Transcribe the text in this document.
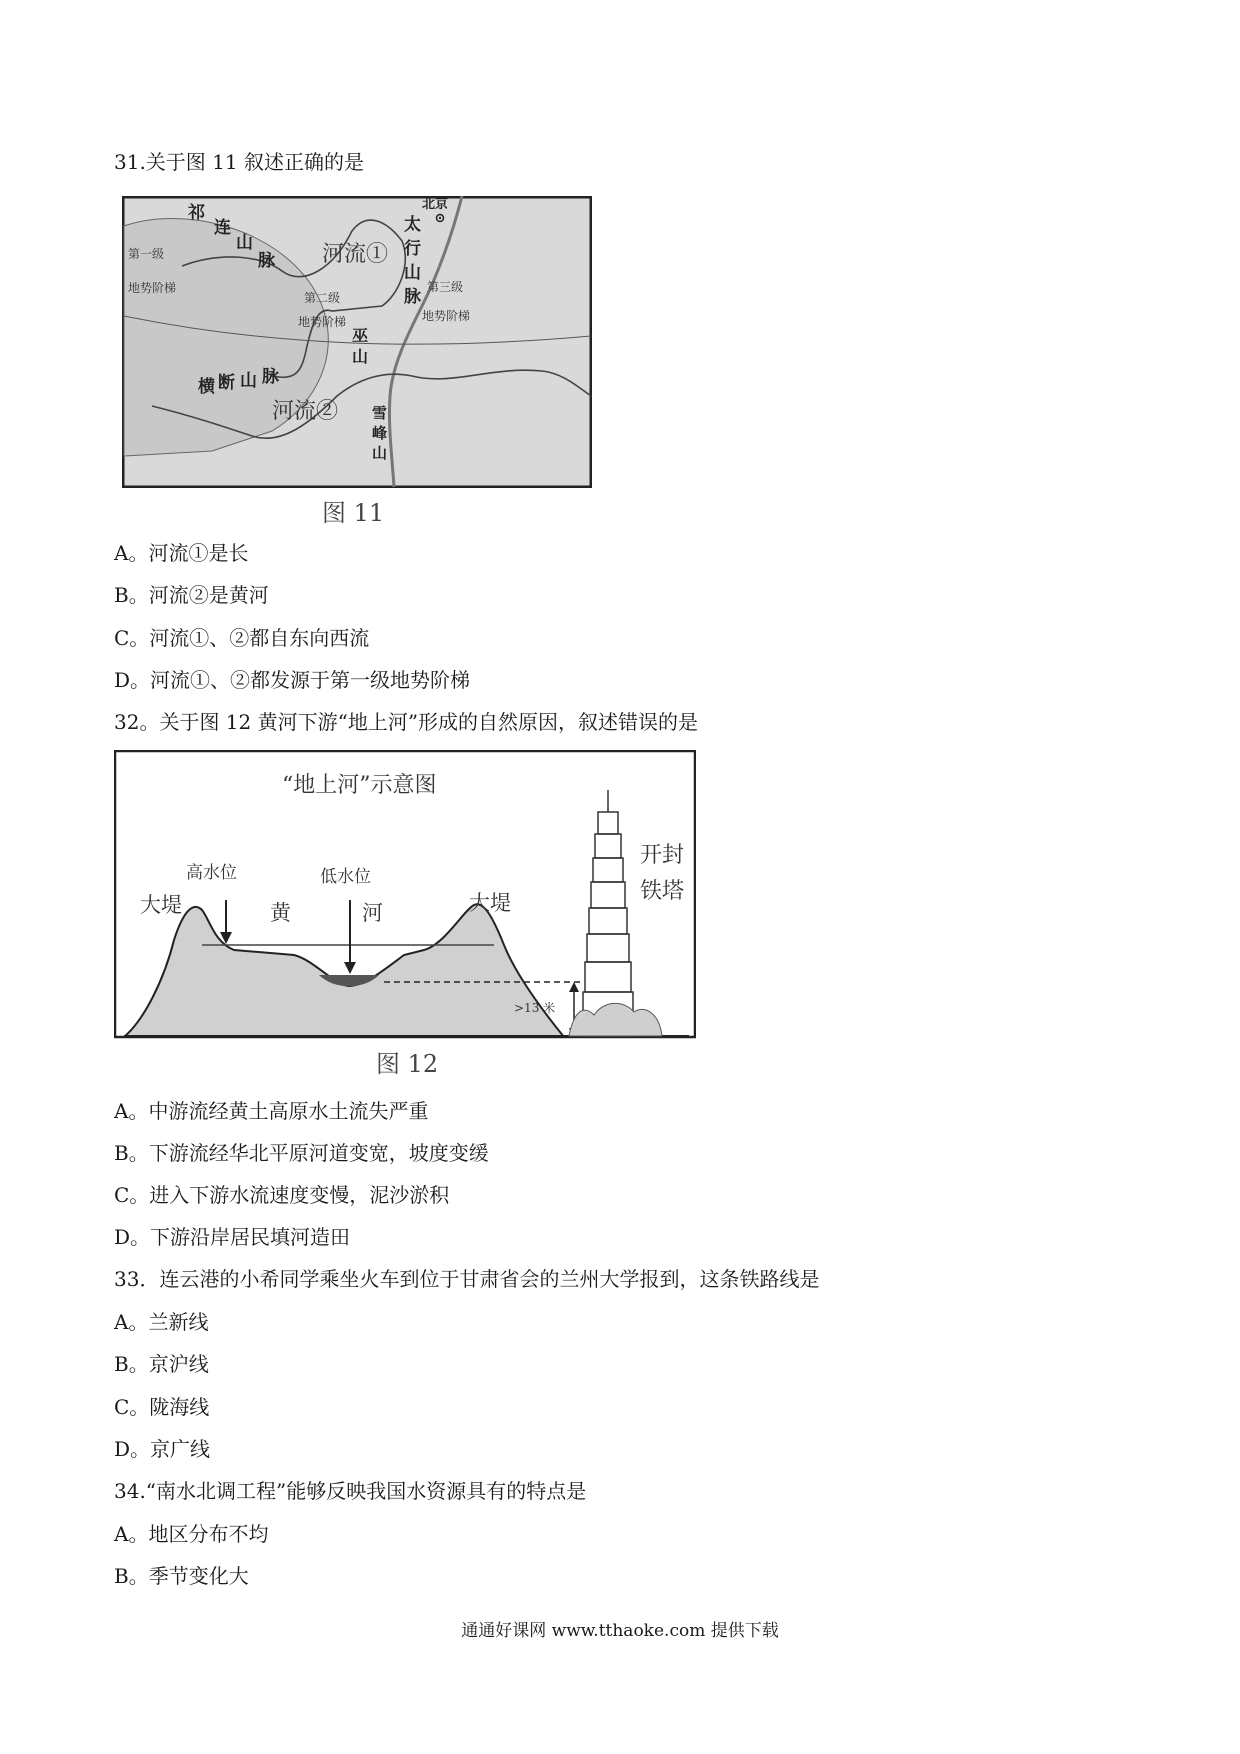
31.关于图 11 叙述正确的是
祁
连
山
脉
北京
太
行
山
脉
河流①
第一级
地势阶梯
第二级
地势阶梯
第三级
地势阶梯
巫
山
横 断 山 脉
河流② 雪
峰
山
图 11
A。河流①是长
B。河流②是黄河
C。河流①、②都自东向西流
D。河流①、②都发源于第一级地势阶梯
32。关于图 12 黄河下游“地上河”形成的自然原因，叙述错误的是
“地上河”示意图
高水位	低水位
大堤	大堤
黄	河
开封
铁塔
>13 米
图 12
A。中游流经黄土高原水土流失严重
B。下游流经华北平原河道变宽，坡度变缓
C。进入下游水流速度变慢，泥沙淤积
D。下游沿岸居民填河造田
33．连云港的小希同学乘坐火车到位于甘肃省会的兰州大学报到，这条铁路线是
A。兰新线
B。京沪线
C。陇海线
D。京广线
34.“南水北调工程”能够反映我国水资源具有的特点是
A。地区分布不均
B。季节变化大
通通好课网 www.tthaoke.com 提供下载
